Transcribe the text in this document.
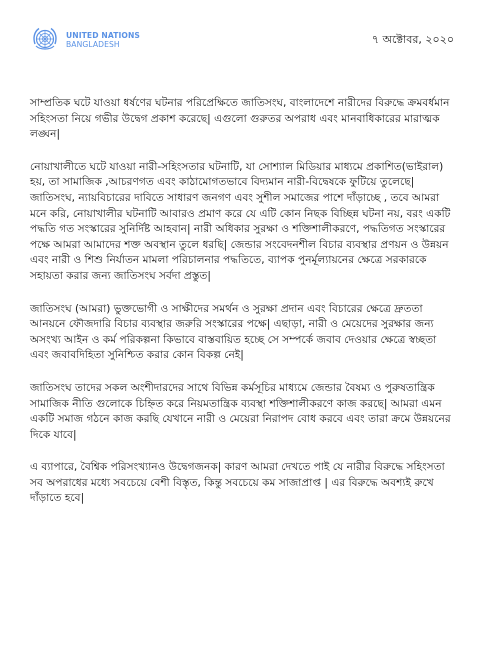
UNITED NATIONS
BANGLADESH	৭ অক্টোবর, ২০২০

সাম্প্রতিক ঘটে যাওয়া ধর্ষণের ঘটনার পরিপ্রেক্ষিতে জাতিসংঘ, বাংলাদেশে নারীদের বিরুদ্ধে ক্রমবর্ধমান সহিংসতা নিয়ে গভীর উদ্বেগ প্রকাশ করেছে| এগুলো গুরুতর অপরাধ এবং মানবাধিকারের মারাত্মক লঙ্ঘন|

নোয়াখালীতে ঘটে যাওয়া নারী-সহিংসতার ঘটনাটি, যা সোশ্যাল মিডিয়ার মাধ্যমে প্রকাশিত(ভাইরাল) হয়, তা সামাজিক ,আচরণগত এবং কাঠামোগতভাবে বিদ্যমান নারী-বিদ্বেষকে ফুটিয়ে তুলেছে| জাতিসংঘ, ন্যায়বিচারের দাবিতে সাধারণ জনগণ এবং সুশীল সমাজের পাশে দাঁড়াচ্ছে , তবে আমরা মনে করি, নোয়াখালীর ঘটনাটি আবারও প্রমাণ করে যে এটি কোন নিছক বিচ্ছিন্ন ঘটনা নয়, বরং একটি পদ্ধতি গত সংস্কারের সুনির্দিষ্ট আহবান| নারী অধিকার সুরক্ষা ও শক্তিশালীকরণে, পদ্ধতিগত সংস্কারের পক্ষে আমরা আমাদের শক্ত অবস্থান তুলে ধরছি| জেন্ডার সংবেদনশীল বিচার ব্যবস্থার প্রণয়ন ও উন্নয়ন এবং নারী ও শিশু নির্যাতন মামলা পরিচালনার পদ্ধতিতে, ব্যাপক পুনর্মূল্যায়নের ক্ষেত্রে সরকারকে সহায়তা করার জন্য জাতিসংঘ সর্বদা প্রস্তুত|

জাতিসংঘ (আমরা) ভুক্তভোগী ও সাক্ষীদের সমর্থন ও সুরক্ষা প্রদান এবং বিচারের ক্ষেত্রে দ্রুততা আনয়নে ফৌজদারি বিচার ব্যবস্থার জরুরি সংস্কারের পক্ষে| এছাড়া, নারী ও মেয়েদের সুরক্ষার জন্য অসংখ্য আইন ও কর্ম পরিকল্পনা কিভাবে বাস্তবায়িত হচ্ছে সে সম্পর্কে জবাব দেওয়ার ক্ষেত্রে স্বচ্ছতা এবং জবাবদিহিতা সুনিশ্চিত করার কোন বিকল্প নেই|

জাতিসংঘ তাদের সকল অংশীদারদের সাথে বিভিন্ন কর্মসূচির মাধ্যমে জেন্ডার বৈষম্য ও পুরুষতান্ত্রিক সামাজিক নীতি গুলোকে চিহ্নিত করে নিয়মতান্ত্রিক ব্যবস্থা শক্তিশালীকরণে কাজ করছে| আমরা এমন একটি সমাজ গঠনে কাজ করছি যেখানে নারী ও মেয়েরা নিরাপদ বোধ করবে এবং তারা ক্রমে উন্নয়নের দিকে যাবে|

এ ব্যাপারে, বৈশ্বিক পরিসংখ্যানও উদ্বেগজনক| কারণ আমরা দেখতে পাই যে নারীর বিরুদ্ধে সহিংসতা সব অপরাধের মধ্যে সবচেয়ে বেশী বিস্তৃত, কিন্তু সবচেয়ে কম সাজাপ্রাপ্ত | এর বিরুদ্ধে অবশ্যই রুখে দাঁড়াতে হবে|
